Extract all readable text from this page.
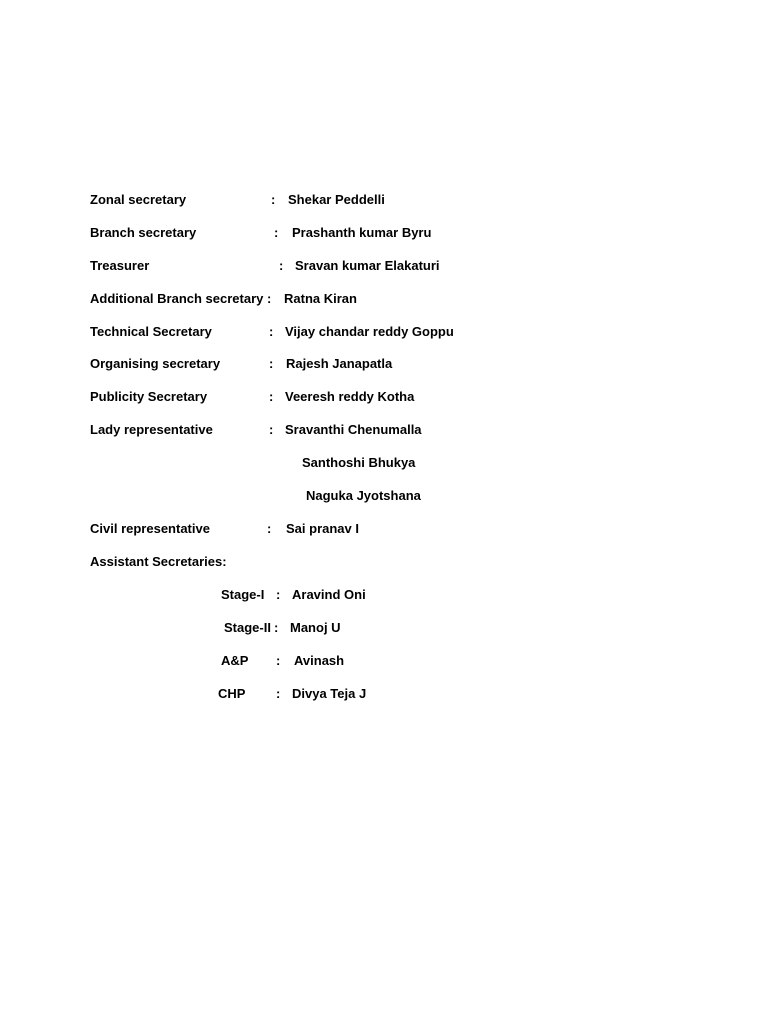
Zonal secretary	: Shekar Peddelli
Branch secretary	: Prashanth kumar Byru
Treasurer	: Sravan kumar Elakaturi
Additional Branch secretary : Ratna Kiran
Technical Secretary	: Vijay chandar reddy Goppu
Organising secretary	: Rajesh Janapatla
Publicity Secretary	: Veeresh reddy Kotha
Lady representative	: Sravanthi Chenumalla
Santhoshi Bhukya
Naguka Jyotshana
Civil representative	: Sai pranav I
Assistant Secretaries:
Stage-I : Aravind Oni
Stage-II : Manoj U
A&P : Avinash
CHP : Divya Teja J
